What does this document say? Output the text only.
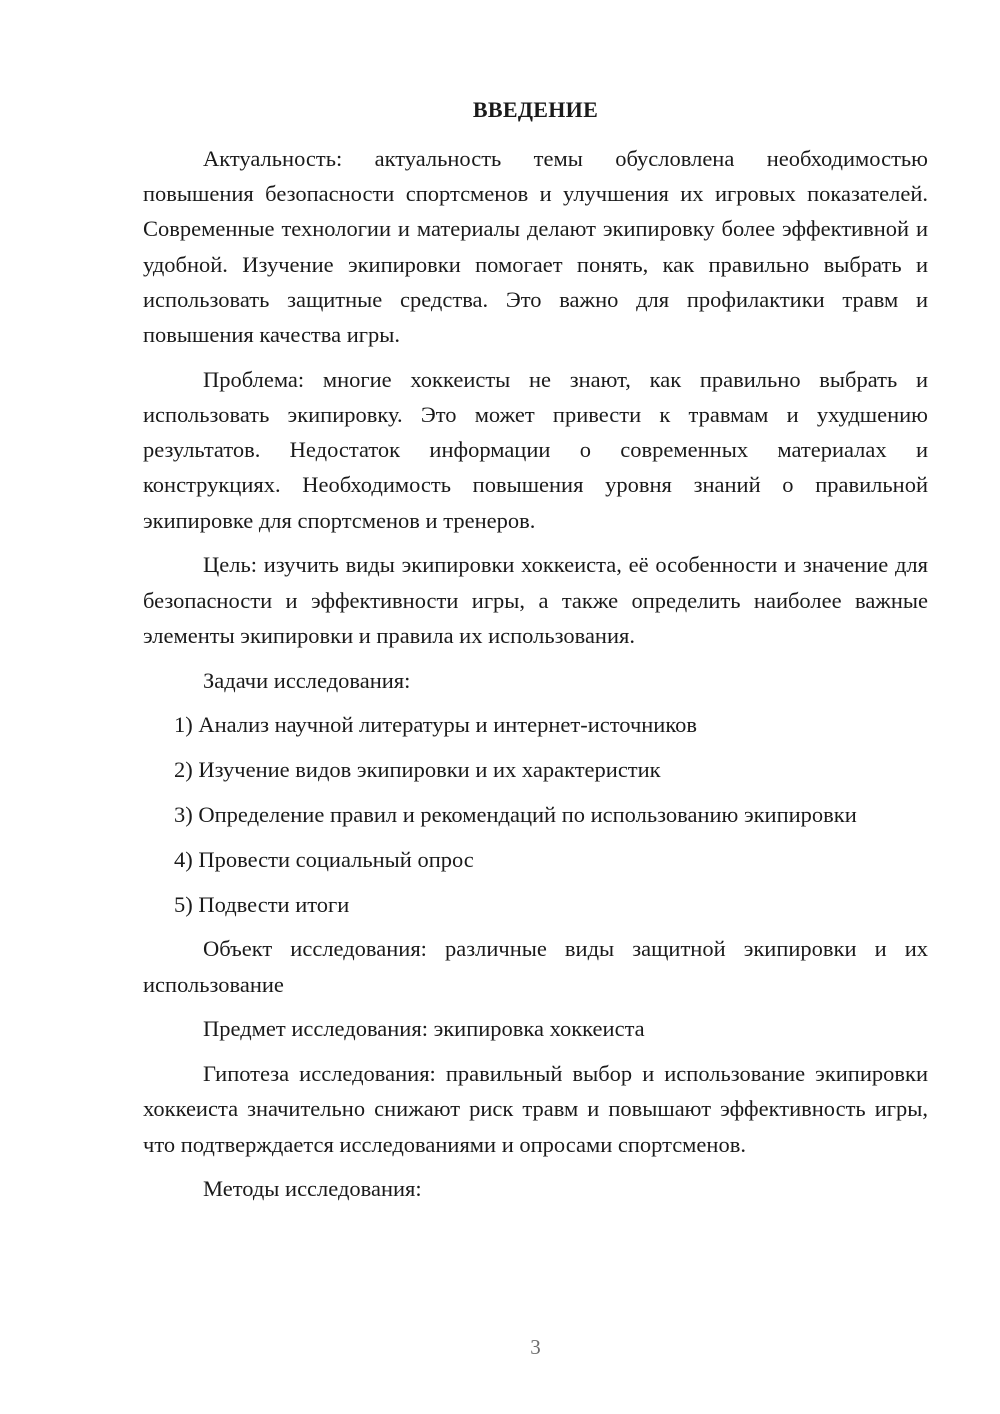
ВВЕДЕНИЕ

Актуальность: актуальность темы обусловлена необходимостью повышения безопасности спортсменов и улучшения их игровых показателей. Современные технологии и материалы делают экипировку более эффективной и удобной. Изучение экипировки помогает понять, как правильно выбрать и использовать защитные средства. Это важно для профилактики травм и повышения качества игры.

Проблема: многие хоккеисты не знают, как правильно выбрать и использовать экипировку. Это может привести к травмам и ухудшению результатов. Недостаток информации о современных материалах и конструкциях. Необходимость повышения уровня знаний о правильной экипировке для спортсменов и тренеров.

Цель: изучить виды экипировки хоккеиста, её особенности и значение для безопасности и эффективности игры, а также определить наиболее важные элементы экипировки и правила их использования.

Задачи исследования:

1) Анализ научной литературы и интернет-источников

2) Изучение видов экипировки и их характеристик

3) Определение правил и рекомендаций по использованию экипировки

4) Провести социальный опрос

5) Подвести итоги

Объект исследования: различные виды защитной экипировки и их использование

Предмет исследования: экипировка хоккеиста

Гипотеза исследования: правильный выбор и использование экипировки хоккеиста значительно снижают риск травм и повышают эффективность игры, что подтверждается исследованиями и опросами спортсменов.

Методы исследования:

3
